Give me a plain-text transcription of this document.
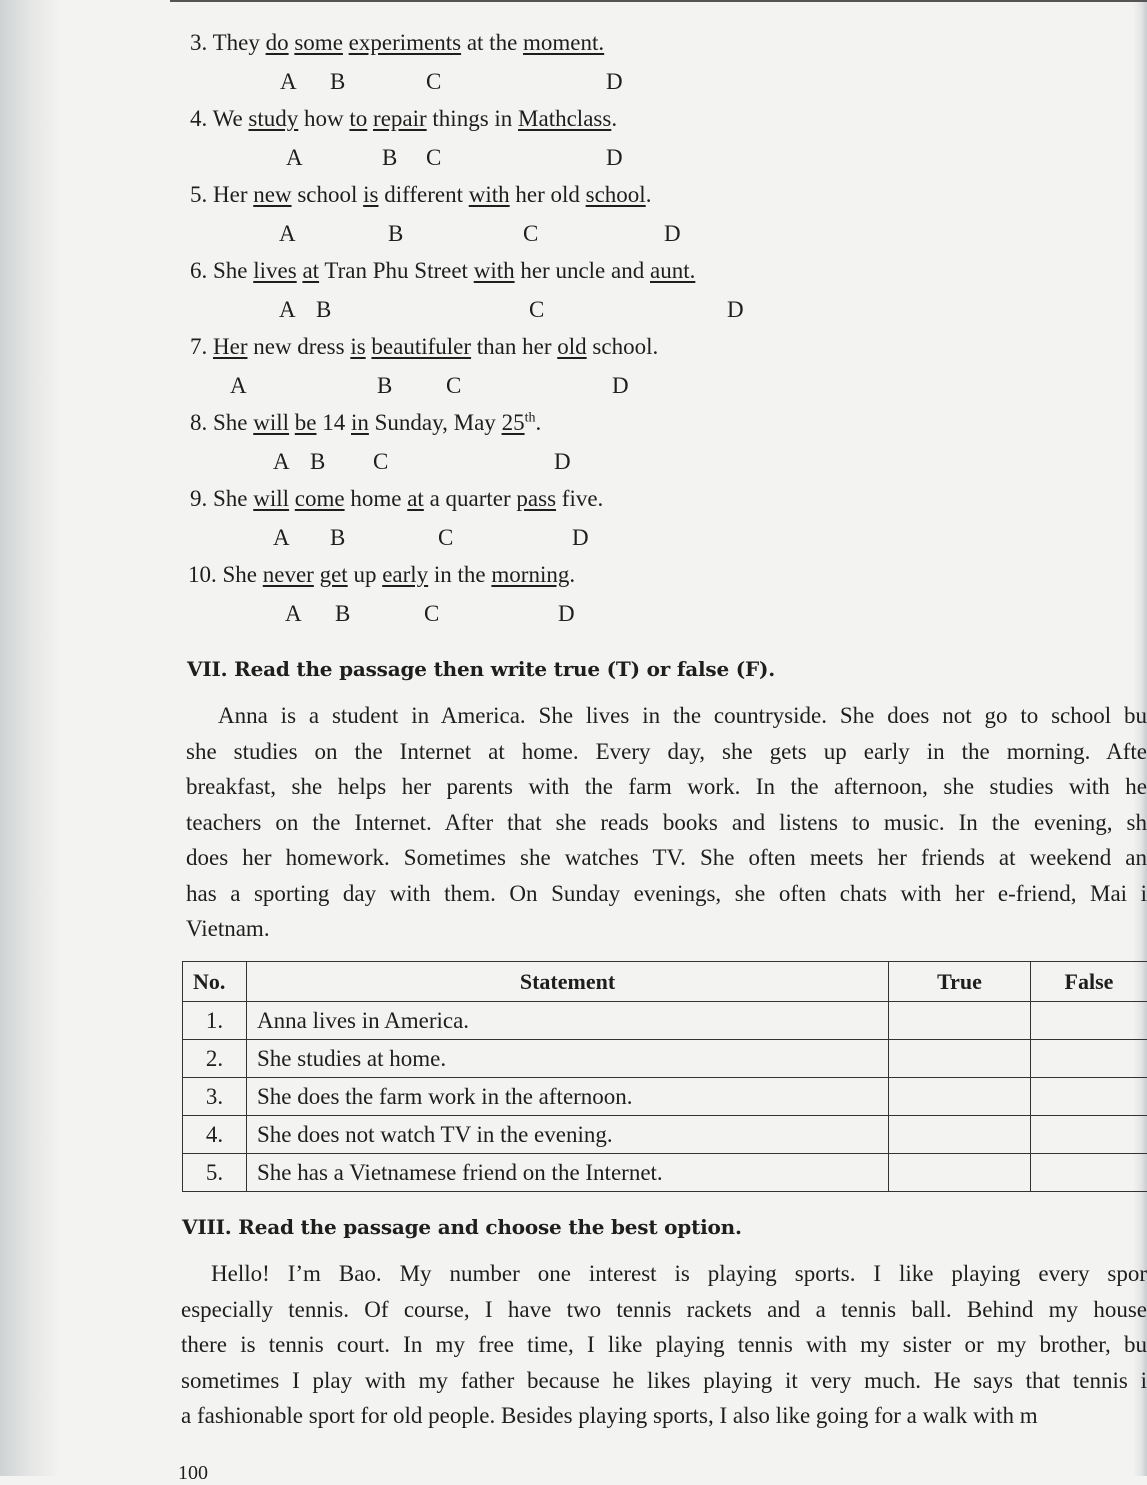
3. They do some experiments at the moment.
A B	C	D
4. We study how to repair things in Mathclass.
A	B C	D
5. Her new school is different with her old school.
A	B	C	D
6. She lives at Tran Phu Street with her uncle and aunt.
A B	C	D
7. Her new dress is beautifuler than her old school.
A	B C	D
8. She will be 14 in Sunday, May 25th.
A B C	D
9. She will come home at a quarter pass five.
A B	C	D
10. She never get up early in the morning.
A B	C	D
VII. Read the passage then write true (T) or false (F).
Anna is a student in America. She lives in the countryside. She does not go to school bu
she studies on the Internet at home. Every day, she gets up early in the morning. Afte
breakfast, she helps her parents with the farm work. In the afternoon, she studies with he
teachers on the Internet. After that she reads books and listens to music. In the evening, sh
does her homework. Sometimes she watches TV. She often meets her friends at weekend an
has a sporting day with them. On Sunday evenings, she often chats with her e-friend, Mai i
Vietnam.
No.	Statement	True	False
1.	Anna lives in America.		
2.	She studies at home.		
3.	She does the farm work in the afternoon.		
4.	She does not watch TV in the evening.		
5.	She has a Vietnamese friend on the Internet.		
VIII. Read the passage and choose the best option.
Hello! I’m Bao. My number one interest is playing sports. I like playing every spor
especially tennis. Of course, I have two tennis rackets and a tennis ball. Behind my house
there is tennis court. In my free time, I like playing tennis with my sister or my brother, bu
sometimes I play with my father because he likes playing it very much. He says that tennis i
a fashionable sport for old people. Besides playing sports, I also like going for a walk with m
100
